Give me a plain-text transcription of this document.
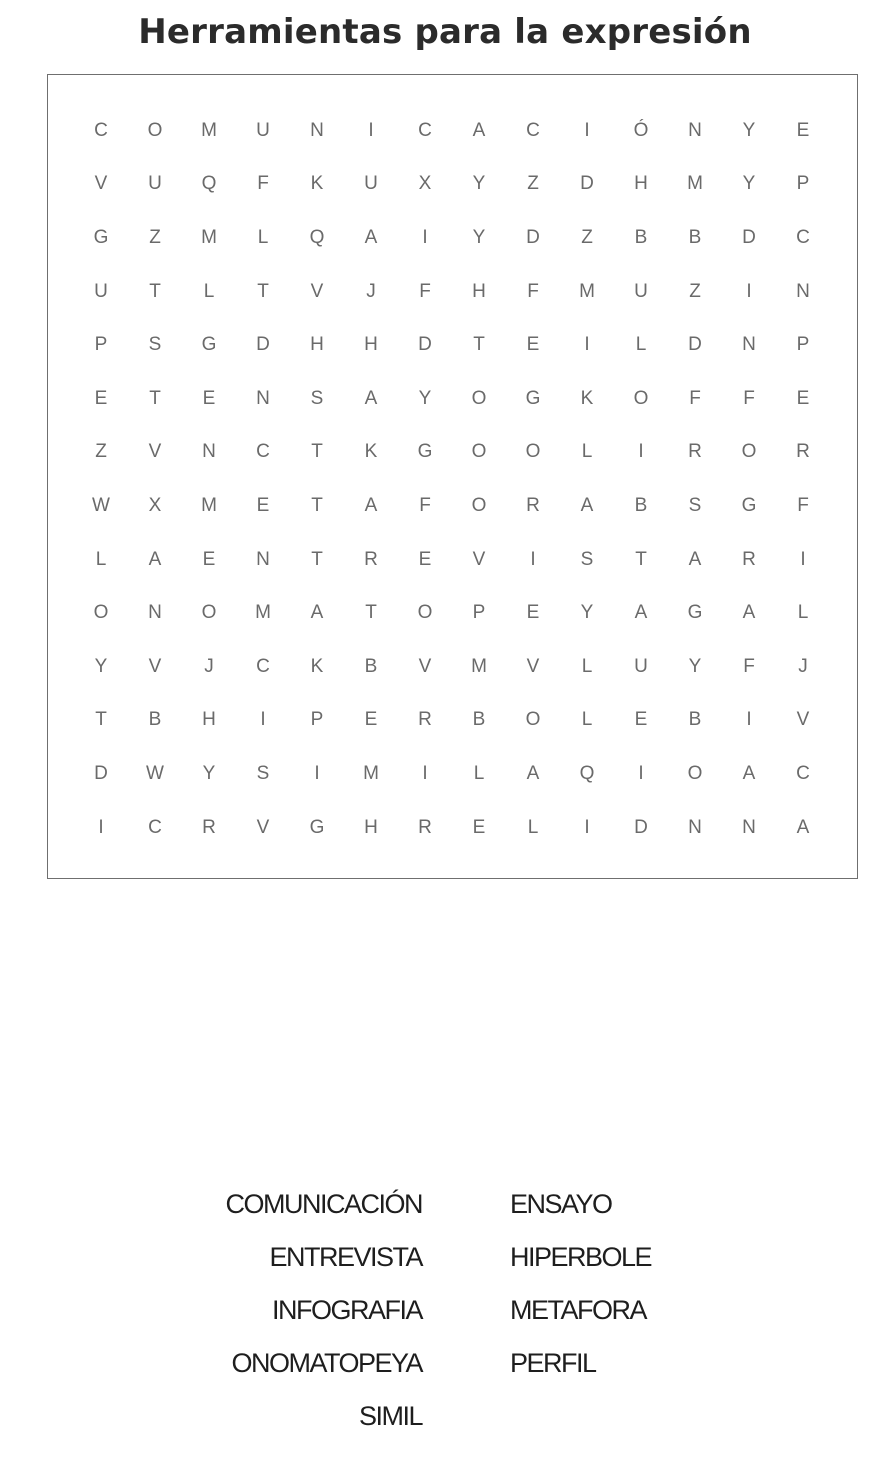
Herramientas para la expresión
C	O	M	U	N	I	C	A	C	I	Ó	N	Y	E
V	U	Q	F	K	U	X	Y	Z	D	H	M	Y	P
G	Z	M	L	Q	A	I	Y	D	Z	B	B	D	C
U	T	L	T	V	J	F	H	F	M	U	Z	I	N
P	S	G	D	H	H	D	T	E	I	L	D	N	P
E	T	E	N	S	A	Y	O	G	K	O	F	F	E
Z	V	N	C	T	K	G	O	O	L	I	R	O	R
W	X	M	E	T	A	F	O	R	A	B	S	G	F
L	A	E	N	T	R	E	V	I	S	T	A	R	I
O	N	O	M	A	T	O	P	E	Y	A	G	A	L
Y	V	J	C	K	B	V	M	V	L	U	Y	F	J
T	B	H	I	P	E	R	B	O	L	E	B	I	V
D	W	Y	S	I	M	I	L	A	Q	I	O	A	C
I	C	R	V	G	H	R	E	L	I	D	N	N	A
COMUNICACIÓN
ENTREVISTA
INFOGRAFIA
ONOMATOPEYA
SIMIL
ENSAYO
HIPERBOLE
METAFORA
PERFIL
